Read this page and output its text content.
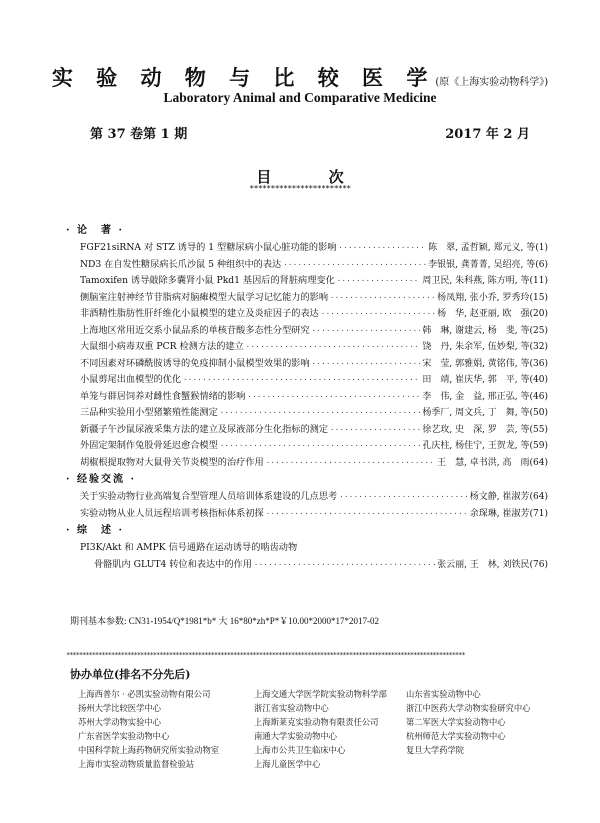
实 验 动 物 与 比 较 医 学(原《上海实验动物科学》)
Laboratory Animal and Comparative Medicine
第 37 卷第 1 期	2017 年 2 月
目 次
************************
· 论　著 ·
FGF21siRNA 对 STZ 诱导的 1 型糖尿病小鼠心脏功能的影响 ·····	陈　翠, 孟哲颖, 郑元义, 等(1)
ND3 在自发性糖尿病长爪沙鼠 5 种组织中的表达 ·····	李银银, 龚菁菁, 吴绍亮, 等(6)
Tamoxifen 诱导敲除多囊肾小鼠 Pkd1 基因后的肾脏病理变化 ·····	周卫民, 朱科燕, 陈方明, 等(11)
侧脑室注射神经节苷脂病对脑瘫模型大鼠学习记忆能力的影响 ·····	杨凤翔, 张小乔, 罗秀玲(15)
非酒精性脂肪性肝纤维化小鼠模型的建立及炎症因子的表达 ·····	杨　华, 赵亚丽, 欧　强(20)
上海地区常用近交系小鼠品系的单核苷酸多态性分型研究 ·····	韩　琳, 谢建云, 杨　斐, 等(25)
大鼠细小病毒双重 PCR 检测方法的建立 ·····	饶　丹, 朱余军, 伍妙梨, 等(32)
不同因素对环磷酰胺诱导的免疫抑制小鼠模型效果的影响 ·····	宋　莹, 郭雅娟, 黄铭伟, 等(36)
小鼠剪尾出血模型的优化 ·····	田　靖, 崔庆华, 郭　平, 等(40)
单笼与群居饲养对雌性食蟹猴情绪的影响 ·····	李　伟, 金　益, 邢正弘, 等(46)
三品种实验用小型猪繁殖性能测定 ·····	杨季厂, 周文兵, 丁　舞, 等(50)
新疆子午沙鼠尿液采集方法的建立及尿液部分生化指标的测定 ·····	徐艺玫, 史　深, 罗　芸, 等(55)
外固定架制作兔股骨延迟愈合模型 ·····	孔庆柱, 杨佳宁, 王贺龙, 等(59)
胡椒根提取物对大鼠骨关节炎模型的治疗作用 ·····	王　慧, 卓书洪, 高　雨(64)
· 经验交流 ·
关于实验动物行业高端复合型管理人员培训体系建设的几点思考 ·····	杨文静, 崔淑芳(64)
实验动物从业人员远程培训考核指标体系初探 ·····	余琛琳, 崔淑芳(71)
· 综　述 ·
PI3K/Akt 和 AMPK 信号通路在运动诱导的啮齿动物
骨骼肌内 GLUT4 转位和表达中的作用 ·····	张云丽, 王　林, 刘铁民(76)
期刊基本参数: CN31-1954/Q*1981*b* 大 16*80*zh*P*￥10.00*2000*17*2017-02
****************************************************************************************************************************
协办单位(排名不分先后)
上海西普尔 · 必凯实验动物有限公司	上海交通大学医学院实验动物科学部	山东省实验动物中心
扬州大学比较医学中心	浙江省实验动物中心	浙江中医药大学动物实验研究中心
苏州大学动物实验中心	上海斯莱克实验动物有限责任公司	第二军医大学实验动物中心
广东省医学实验动物中心	南通大学实验动物中心	杭州师范大学实验动物中心
中国科学院上海药物研究所实验动物室	上海市公共卫生临床中心	复旦大学药学院
上海市实验动物质量监督检验站	上海儿童医学中心
